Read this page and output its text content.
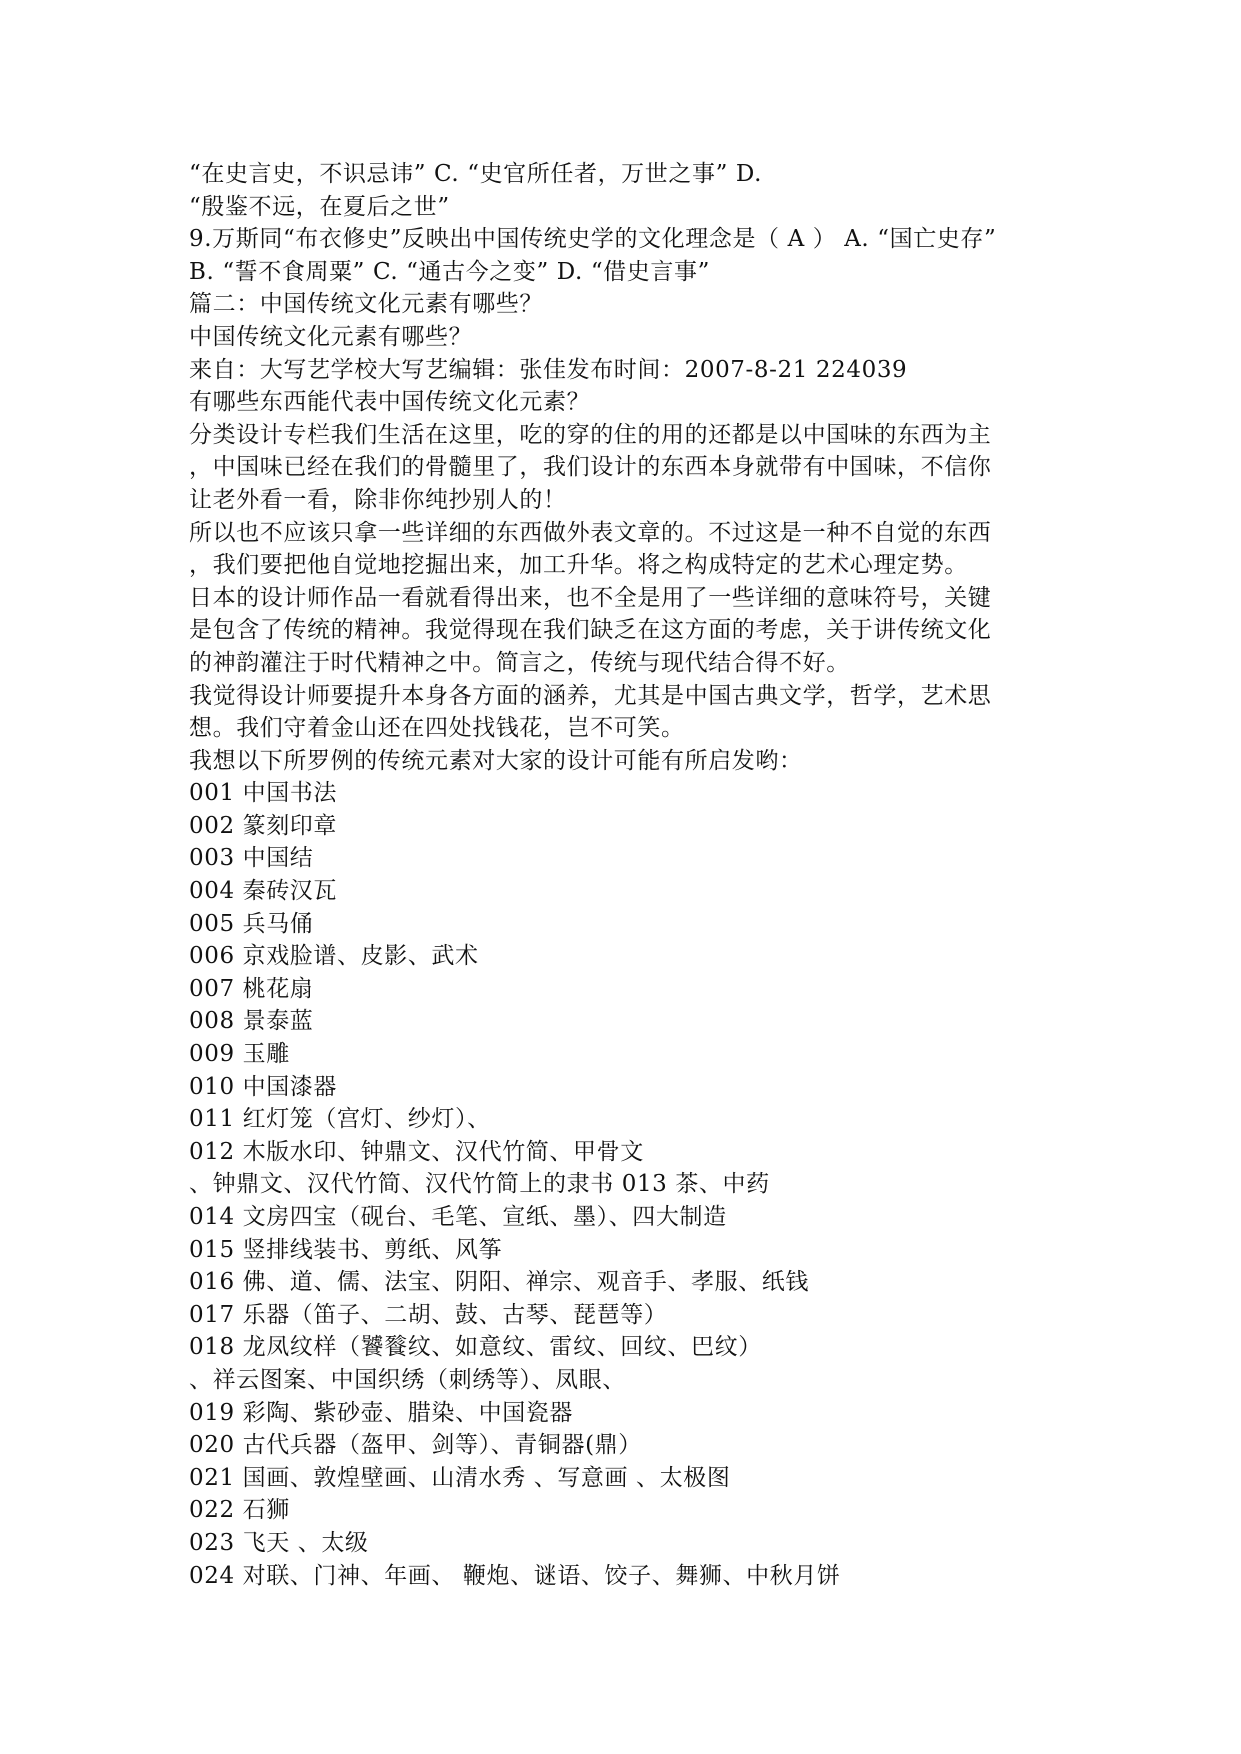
“在史言史，不识忌讳” C. “史官所任者，万世之事” D.
“殷鉴不远，在夏后之世”
9.万斯同“布衣修史”反映出中国传统史学的文化理念是（ A ） A. “国亡史存”
B. “誓不食周粟” C. “通古今之变” D. “借史言事”
篇二：中国传统文化元素有哪些？
中国传统文化元素有哪些？
来自：大写艺学校大写艺编辑：张佳发布时间：2007-8-21 224039
有哪些东西能代表中国传统文化元素？
分类设计专栏我们生活在这里，吃的穿的住的用的还都是以中国味的东西为主
，中国味已经在我们的骨髓里了，我们设计的东西本身就带有中国味，不信你
让老外看一看，除非你纯抄别人的！
所以也不应该只拿一些详细的东西做外表文章的。不过这是一种不自觉的东西
，我们要把他自觉地挖掘出来，加工升华。将之构成特定的艺术心理定势。
日本的设计师作品一看就看得出来，也不全是用了一些详细的意味符号，关键
是包含了传统的精神。我觉得现在我们缺乏在这方面的考虑，关于讲传统文化
的神韵灌注于时代精神之中。简言之，传统与现代结合得不好。
我觉得设计师要提升本身各方面的涵养，尤其是中国古典文学，哲学，艺术思
想。我们守着金山还在四处找钱花，岂不可笑。
我想以下所罗例的传统元素对大家的设计可能有所启发哟：
001 中国书法
002 篆刻印章
003 中国结
004 秦砖汉瓦
005 兵马俑
006 京戏脸谱、皮影、武术
007 桃花扇
008 景泰蓝
009 玉雕
010 中国漆器
011 红灯笼（宫灯、纱灯）、
012 木版水印、钟鼎文、汉代竹简、甲骨文
、钟鼎文、汉代竹简、汉代竹简上的隶书 013 茶、中药
014 文房四宝（砚台、毛笔、宣纸、墨）、四大制造
015 竖排线装书、剪纸、风筝
016 佛、道、儒、法宝、阴阳、禅宗、观音手、孝服、纸钱
017 乐器（笛子、二胡、鼓、古琴、琵琶等）
018 龙凤纹样（饕餮纹、如意纹、雷纹、回纹、巴纹）
、祥云图案、中国织绣（刺绣等）、凤眼、
019 彩陶、紫砂壶、腊染、中国瓷器
020 古代兵器（盔甲、剑等）、青铜器(鼎）
021 国画、敦煌壁画、山清水秀 、写意画 、太极图
022 石狮
023 飞天 、太级
024 对联、门神、年画、 鞭炮、谜语、饺子、舞狮、中秋月饼
